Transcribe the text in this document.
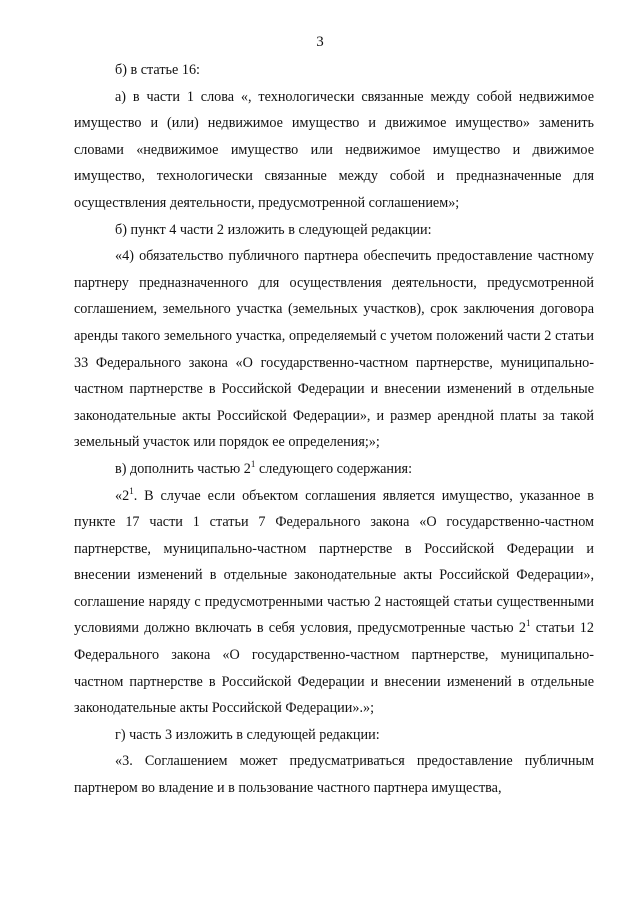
3

б) в статье 16:

а) в части 1 слова «, технологически связанные между собой недвижимое имущество и (или) недвижимое имущество и движимое имущество» заменить словами «недвижимое имущество или недвижимое имущество и движимое имущество, технологически связанные между собой и предназначенные для осуществления деятельности, предусмотренной соглашением»;

б) пункт 4 части 2 изложить в следующей редакции:

«4) обязательство публичного партнера обеспечить предоставление частному партнеру предназначенного для осуществления деятельности, предусмотренной соглашением, земельного участка (земельных участков), срок заключения договора аренды такого земельного участка, определяемый с учетом положений части 2 статьи 33 Федерального закона «О государственно-частном партнерстве, муниципально-частном партнерстве в Российской Федерации и внесении изменений в отдельные законодательные акты Российской Федерации», и размер арендной платы за такой земельный участок или порядок ее определения;»;

в) дополнить частью $2^1$ следующего содержания:

«$2^1$. В случае если объектом соглашения является имущество, указанное в пункте 17 части 1 статьи 7 Федерального закона «О государственно-частном партнерстве, муниципально-частном партнерстве в Российской Федерации и внесении изменений в отдельные законодательные акты Российской Федерации», соглашение наряду с предусмотренными частью 2 настоящей статьи существенными условиями должно включать в себя условия, предусмотренные частью $2^1$ статьи 12 Федерального закона «О государственно-частном партнерстве, муниципально-частном партнерстве в Российской Федерации и внесении изменений в отдельные законодательные акты Российской Федерации».»;

г) часть 3 изложить в следующей редакции:

«3. Соглашением может предусматриваться предоставление публичным партнером во владение и в пользование частного партнера имущества,
